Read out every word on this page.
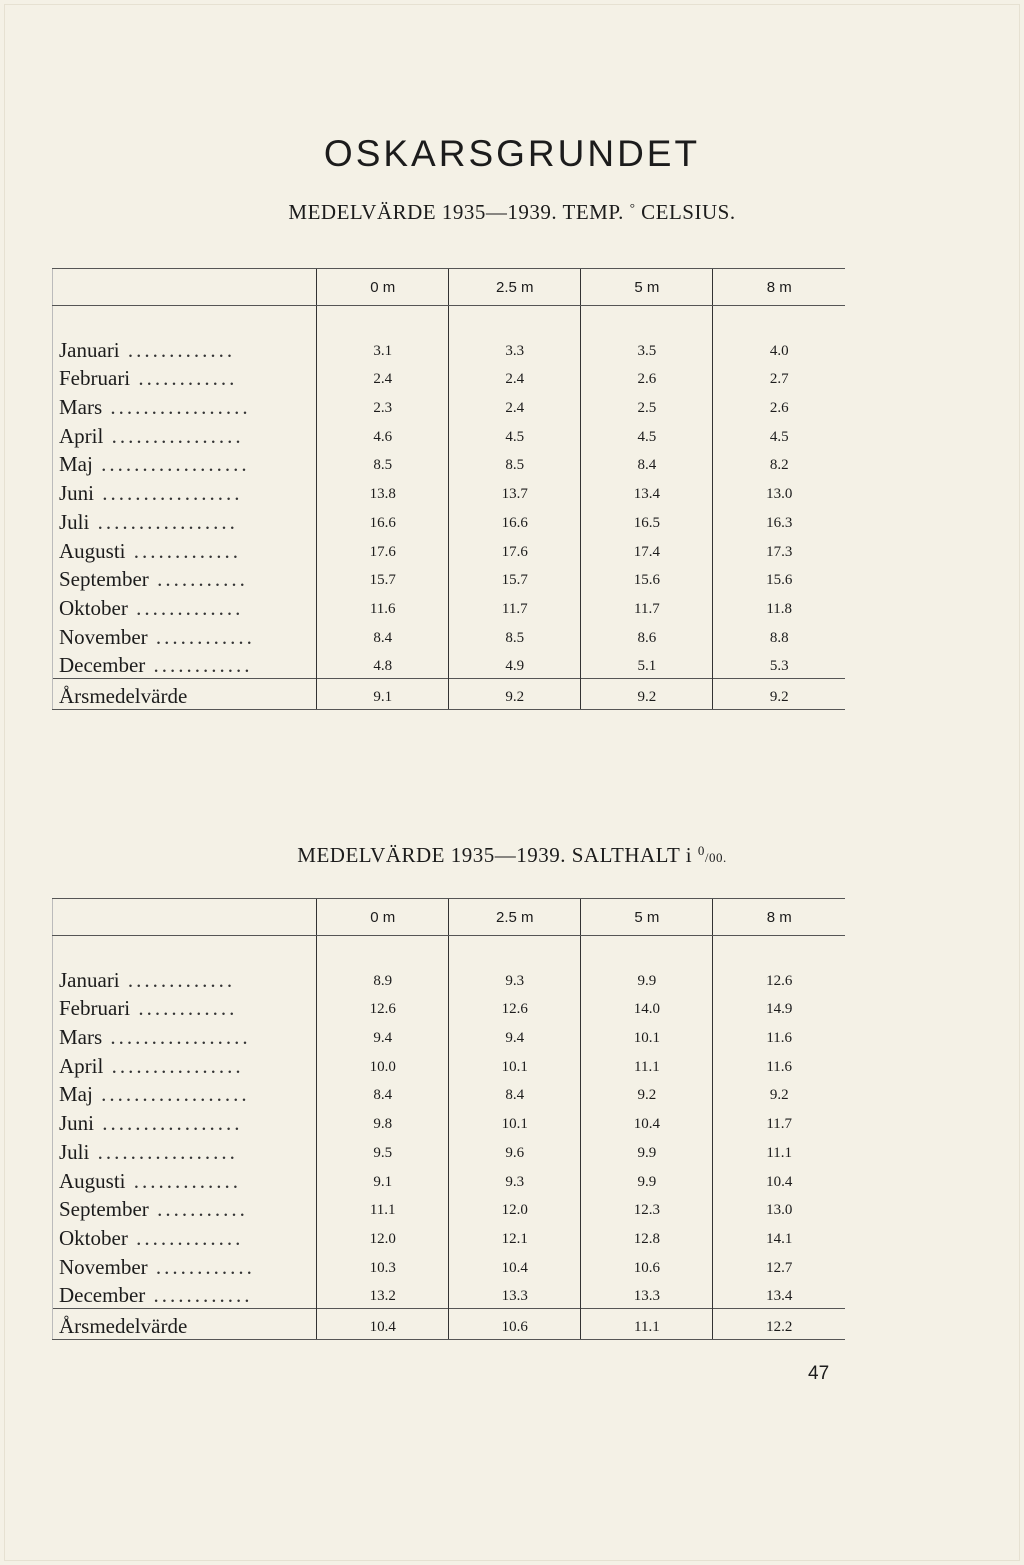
OSKARSGRUNDET

MEDELVÄRDE 1935—1939. TEMP. ° CELSIUS.

	0 m	2.5 m	5 m	8 m

Januari .............	3.1	3.3	3.5	4.0
Februari ............	2.4	2.4	2.6	2.7
Mars .................	2.3	2.4	2.5	2.6
April ................	4.6	4.5	4.5	4.5
Maj ..................	8.5	8.5	8.4	8.2
Juni .................	13.8	13.7	13.4	13.0
Juli .................	16.6	16.6	16.5	16.3
Augusti .............	17.6	17.6	17.4	17.3
September ...........	15.7	15.7	15.6	15.6
Oktober .............	11.6	11.7	11.7	11.8
November ............	8.4	8.5	8.6	8.8
December ............	4.8	4.9	5.1	5.3
Årsmedelvärde	9.1	9.2	9.2	9.2

MEDELVÄRDE 1935—1939. SALTHALT i $^0$/00.

	0 m	2.5 m	5 m	8 m

Januari .............	8.9	9.3	9.9	12.6
Februari ............	12.6	12.6	14.0	14.9
Mars .................	9.4	9.4	10.1	11.6
April ................	10.0	10.1	11.1	11.6
Maj ..................	8.4	8.4	9.2	9.2
Juni .................	9.8	10.1	10.4	11.7
Juli .................	9.5	9.6	9.9	11.1
Augusti .............	9.1	9.3	9.9	10.4
September ...........	11.1	12.0	12.3	13.0
Oktober .............	12.0	12.1	12.8	14.1
November ............	10.3	10.4	10.6	12.7
December ............	13.2	13.3	13.3	13.4
Årsmedelvärde	10.4	10.6	11.1	12.2

47
